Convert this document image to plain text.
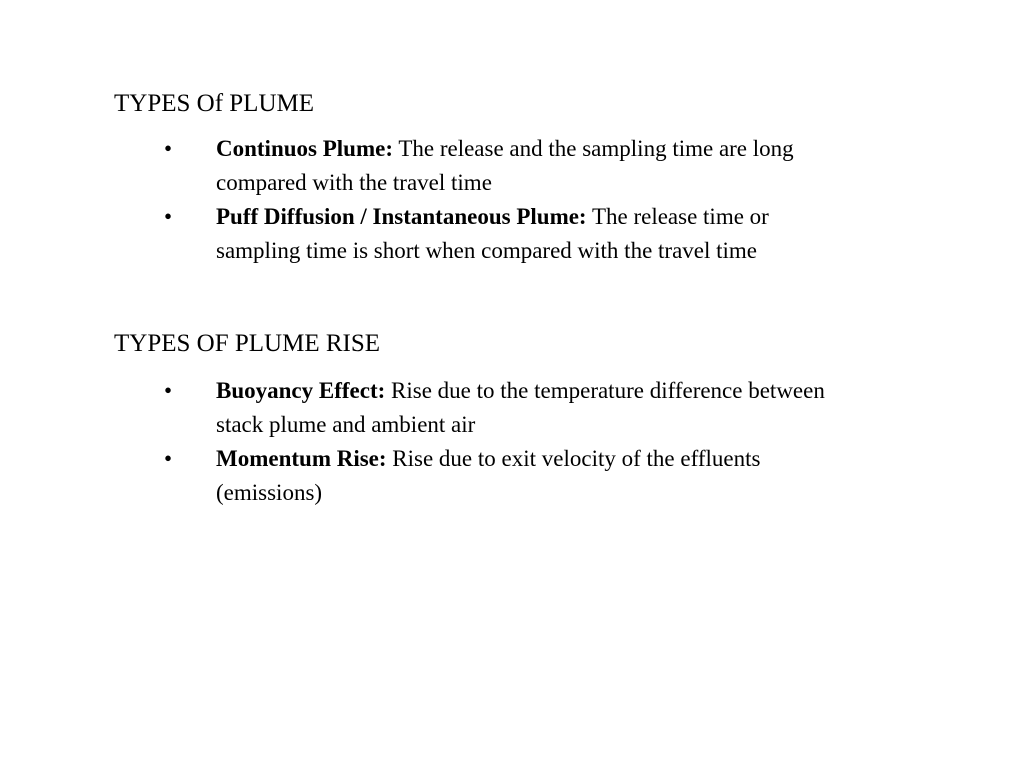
TYPES Of PLUME
• Continuos Plume: The release and the sampling time are long compared with the travel time
• Puff Diffusion / Instantaneous Plume: The release time or sampling time is short when compared with the travel time
TYPES OF PLUME RISE
• Buoyancy Effect: Rise due to the temperature difference between stack plume and ambient air
• Momentum Rise: Rise due to exit velocity of the effluents (emissions)
